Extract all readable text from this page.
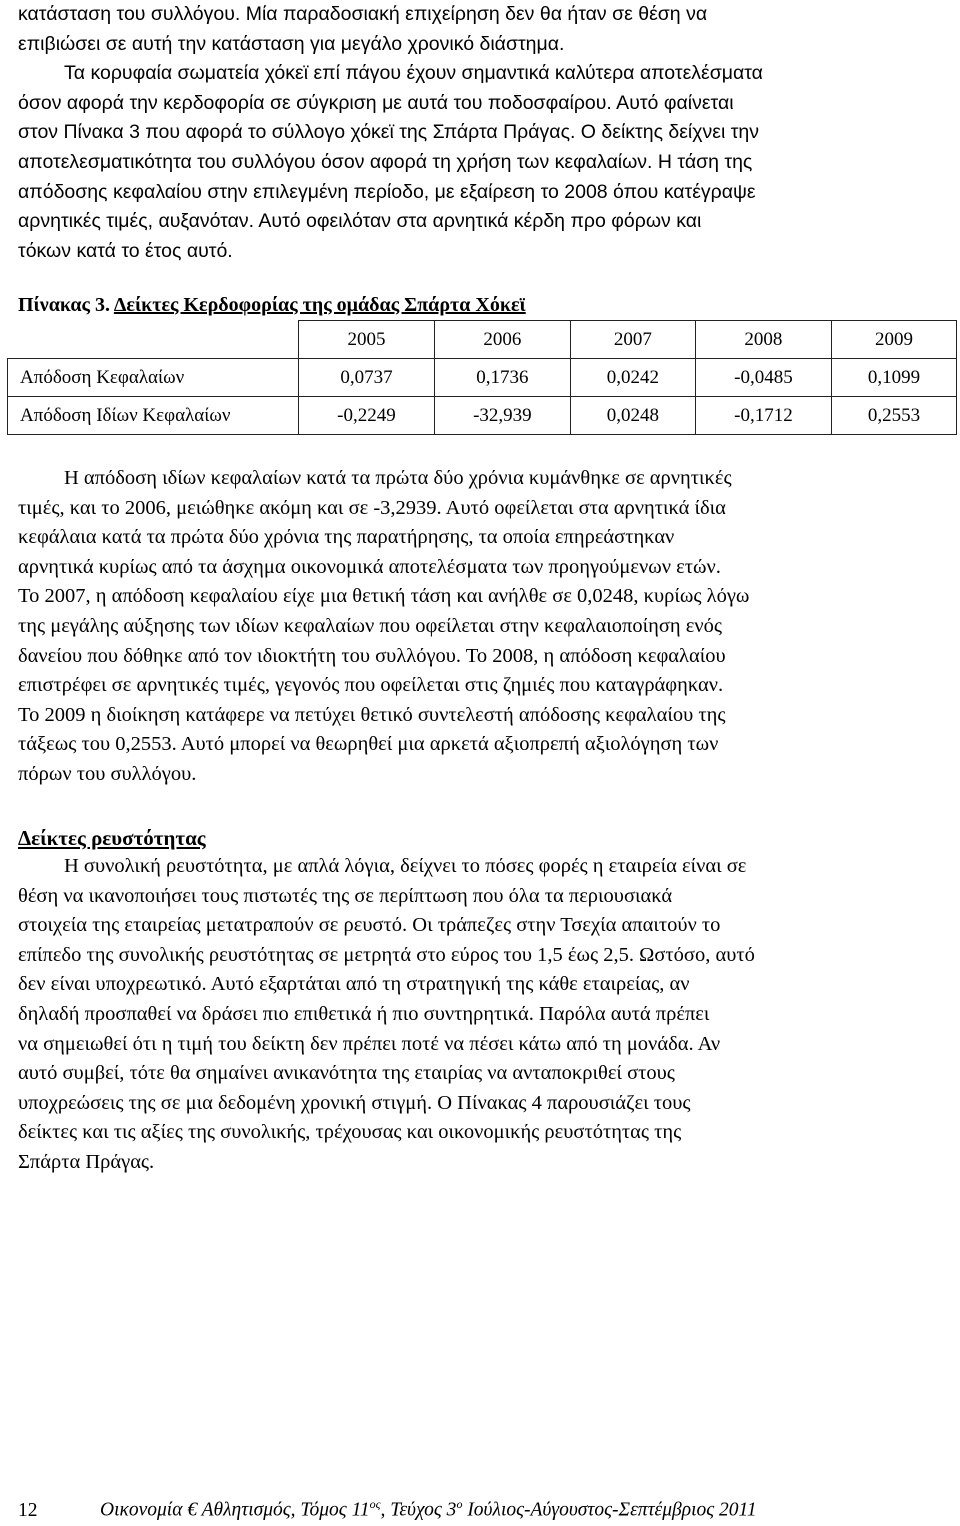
κατάσταση του συλλόγου. Μία παραδοσιακή επιχείρηση δεν θα ήταν σε θέση να
επιβιώσει σε αυτή την κατάσταση για μεγάλο χρονικό διάστημα.
Τα κορυφαία σωματεία χόκεϊ επί πάγου έχουν σημαντικά καλύτερα αποτελέσματα
όσον αφορά την κερδοφορία σε σύγκριση με αυτά του ποδοσφαίρου. Αυτό φαίνεται
στον Πίνακα 3 που αφορά το σύλλογο χόκεϊ της Σπάρτα Πράγας. Ο δείκτης δείχνει την
αποτελεσματικότητα του συλλόγου όσον αφορά τη χρήση των κεφαλαίων. Η τάση της
απόδοσης κεφαλαίου στην επιλεγμένη περίοδο, με εξαίρεση το 2008 όπου κατέγραψε
αρνητικές τιμές, αυξανόταν. Αυτό οφειλόταν στα αρνητικά κέρδη προ φόρων και
τόκων κατά το έτος αυτό.
Πίνακας 3. Δείκτες Κερδοφορίας της ομάδας Σπάρτα Χόκεϊ
	2005	2006	2007	2008	2009
Απόδοση Κεφαλαίων	0,0737	0,1736	0,0242	-0,0485	0,1099
Απόδοση Ιδίων Κεφαλαίων	-0,2249	-32,939	0,0248	-0,1712	0,2553
Η απόδοση ιδίων κεφαλαίων κατά τα πρώτα δύο χρόνια κυμάνθηκε σε αρνητικές
τιμές, και το 2006, μειώθηκε ακόμη και σε -3,2939. Αυτό οφείλεται στα αρνητικά ίδια
κεφάλαια κατά τα πρώτα δύο χρόνια της παρατήρησης, τα οποία επηρεάστηκαν
αρνητικά κυρίως από τα άσχημα οικονομικά αποτελέσματα των προηγούμενων ετών.
Το 2007, η απόδοση κεφαλαίου είχε μια θετική τάση και ανήλθε σε 0,0248, κυρίως λόγω
της μεγάλης αύξησης των ιδίων κεφαλαίων που οφείλεται στην κεφαλαιοποίηση ενός
δανείου που δόθηκε από τον ιδιοκτήτη του συλλόγου. Το 2008, η απόδοση κεφαλαίου
επιστρέφει σε αρνητικές τιμές, γεγονός που οφείλεται στις ζημιές που καταγράφηκαν.
Το 2009 η διοίκηση κατάφερε να πετύχει θετικό συντελεστή απόδοσης κεφαλαίου της
τάξεως του 0,2553. Αυτό μπορεί να θεωρηθεί μια αρκετά αξιοπρεπή αξιολόγηση των
πόρων του συλλόγου.
Δείκτες ρευστότητας
Η συνολική ρευστότητα, με απλά λόγια, δείχνει το πόσες φορές η εταιρεία είναι σε
θέση να ικανοποιήσει τους πιστωτές της σε περίπτωση που όλα τα περιουσιακά
στοιχεία της εταιρείας μετατραπούν σε ρευστό. Οι τράπεζες στην Τσεχία απαιτούν το
επίπεδο της συνολικής ρευστότητας σε μετρητά στο εύρος του 1,5 έως 2,5. Ωστόσο, αυτό
δεν είναι υποχρεωτικό. Αυτό εξαρτάται από τη στρατηγική της κάθε εταιρείας, αν
δηλαδή προσπαθεί να δράσει πιο επιθετικά ή πιο συντηρητικά. Παρόλα αυτά πρέπει
να σημειωθεί ότι η τιμή του δείκτη δεν πρέπει ποτέ να πέσει κάτω από τη μονάδα. Αν
αυτό συμβεί, τότε θα σημαίνει ανικανότητα της εταιρίας να ανταποκριθεί στους
υποχρεώσεις της σε μια δεδομένη χρονική στιγμή. Ο Πίνακας 4 παρουσιάζει τους
δείκτες και τις αξίες της συνολικής, τρέχουσας και οικονομικής ρευστότητας της
Σπάρτα Πράγας.
12	Οικονομία € Αθλητισμός, Τόμος $11^{o\varsigma}$, Τεύχος $3^o$ Ιούλιος-Αύγουστος-Σεπτέμβριος 2011
